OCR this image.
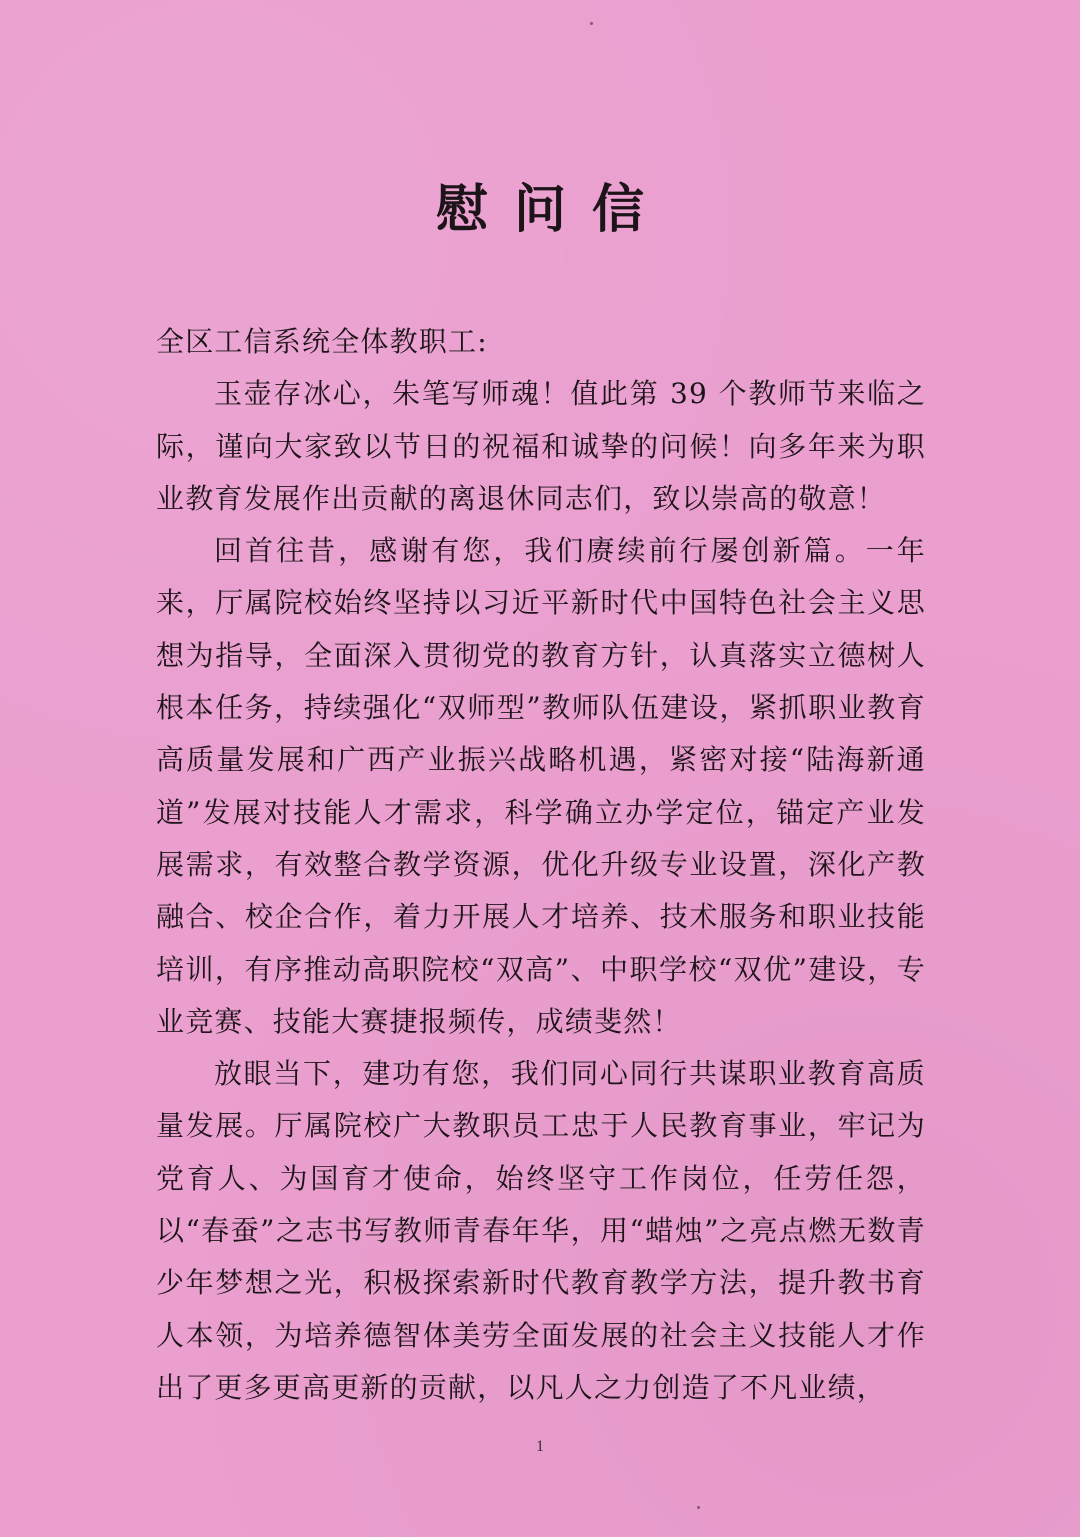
慰问信

全区工信系统全体教职工:

玉壶存冰心，朱笔写师魂！值此第 39 个教师节来临之际，谨向大家致以节日的祝福和诚挚的问候！向多年来为职业教育发展作出贡献的离退休同志们，致以崇高的敬意！

回首往昔，感谢有您，我们赓续前行屡创新篇。一年来，厅属院校始终坚持以习近平新时代中国特色社会主义思想为指导，全面深入贯彻党的教育方针，认真落实立德树人根本任务，持续强化“双师型”教师队伍建设，紧抓职业教育高质量发展和广西产业振兴战略机遇，紧密对接“陆海新通道”发展对技能人才需求，科学确立办学定位，锚定产业发展需求，有效整合教学资源，优化升级专业设置，深化产教融合、校企合作，着力开展人才培养、技术服务和职业技能培训，有序推动高职院校“双高”、中职学校“双优”建设，专业竞赛、技能大赛捷报频传，成绩斐然！

放眼当下，建功有您，我们同心同行共谋职业教育高质量发展。厅属院校广大教职员工忠于人民教育事业，牢记为党育人、为国育才使命，始终坚守工作岗位，任劳任怨，以“春蚕”之志书写教师青春年华，用“蜡烛”之亮点燃无数青少年梦想之光，积极探索新时代教育教学方法，提升教书育人本领，为培养德智体美劳全面发展的社会主义技能人才作出了更多更高更新的贡献，以凡人之力创造了不凡业绩，

1
